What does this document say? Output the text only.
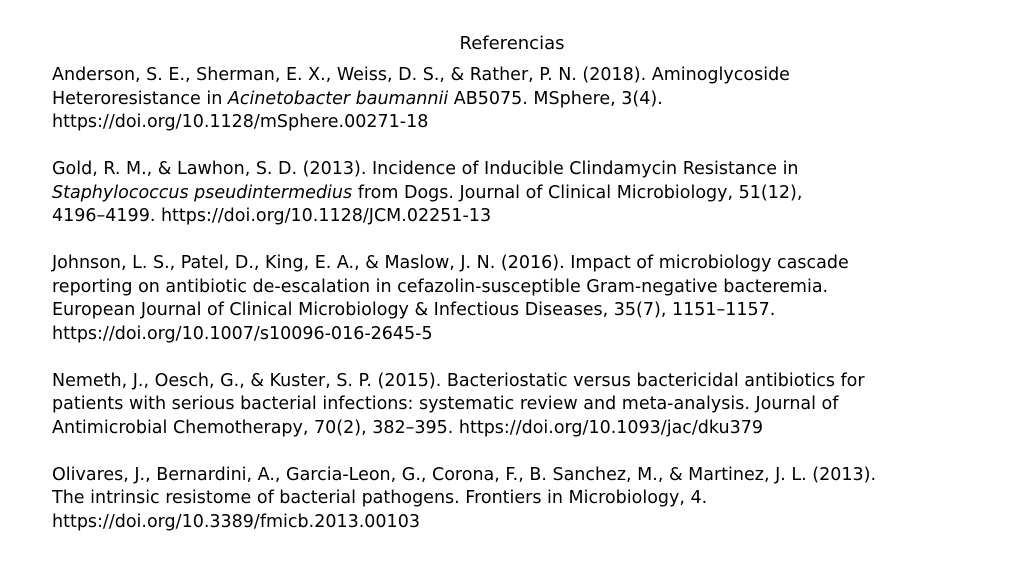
Referencias

Anderson, S. E., Sherman, E. X., Weiss, D. S., & Rather, P. N. (2018). Aminoglycoside
Heteroresistance in Acinetobacter baumannii AB5075. MSphere, 3(4).
https://doi.org/10.1128/mSphere.00271-18

Gold, R. M., & Lawhon, S. D. (2013). Incidence of Inducible Clindamycin Resistance in
Staphylococcus pseudintermedius from Dogs. Journal of Clinical Microbiology, 51(12),
4196–4199. https://doi.org/10.1128/JCM.02251-13

Johnson, L. S., Patel, D., King, E. A., & Maslow, J. N. (2016). Impact of microbiology cascade
reporting on antibiotic de-escalation in cefazolin-susceptible Gram-negative bacteremia.
European Journal of Clinical Microbiology & Infectious Diseases, 35(7), 1151–1157.
https://doi.org/10.1007/s10096-016-2645-5

Nemeth, J., Oesch, G., & Kuster, S. P. (2015). Bacteriostatic versus bactericidal antibiotics for
patients with serious bacterial infections: systematic review and meta-analysis. Journal of
Antimicrobial Chemotherapy, 70(2), 382–395. https://doi.org/10.1093/jac/dku379

Olivares, J., Bernardini, A., Garcia-Leon, G., Corona, F., B. Sanchez, M., & Martinez, J. L. (2013).
The intrinsic resistome of bacterial pathogens. Frontiers in Microbiology, 4.
https://doi.org/10.3389/fmicb.2013.00103
